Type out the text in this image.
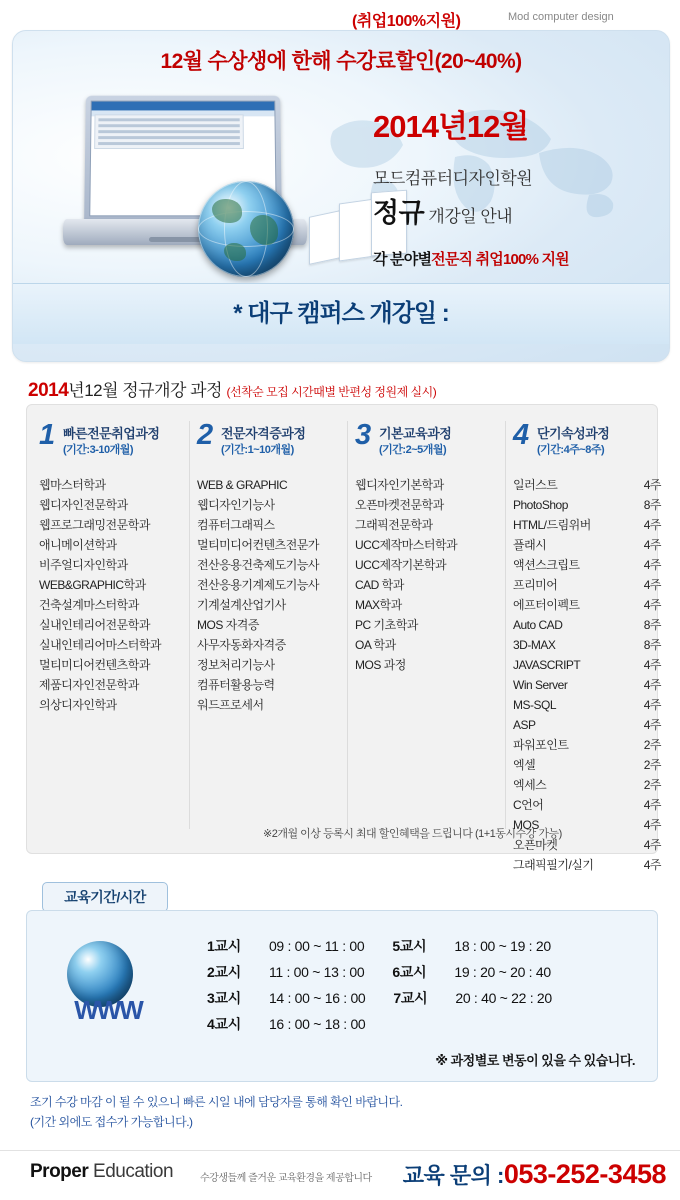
(취업100%지원)	Mod computer design
12월 수상생에 한해 수강료할인(20~40%)
2014년12월
모드컴퓨터디자인학원
정규 개강일 안내
각 분야별전문직 취업100% 지원
* 대구 캠퍼스 개강일 :
2014년12월 정규개강 과정 (선착순 모집 시간때별 반편성 정원제 실시)
1 빠른전문취업과정
(기간:3-10개월)
웹마스터학과
웹디자인전문학과
웹프로그래밍전문학과
애니메이션학과
비주얼디자인학과
WEB&GRAPHIC학과
건축설계마스터학과
실내인테리어전문학과
실내인테리어마스터학과
멀티미디어컨텐츠학과
제품디자인전문학과
의상디자인학과
2 전문자격증과정
(기간:1~10개월)
WEB & GRAPHIC
웹디자인기능사
컴퓨터그래픽스
멀티미디어컨텐츠전문가
전산응용건축제도기능사
전산응용기계제도기능사
기계설계산업기사
MOS 자격증
사무자동화자격증
정보처리기능사
컴퓨터활용능력
워드프로세서
3 기본교육과정
(기간:2~5개월)
웹디자인기본학과
오픈마켓전문학과
그래픽전문학과
UCC제작마스터학과
UCC제작기본학과
CAD 학과
MAX학과
PC 기초학과
OA 학과
MOS 과정
4 단기속성과정
(기간:4주~8주)
4주
일러스트
8주
PhotoShop
4주
HTML/드림위버
4주
플래시
4주
액션스크립트
4주
프리미어
4주
에프터이펙트
8주
Auto CAD
8주
3D-MAX
4주
JAVASCRIPT
4주
Win Server
4주
MS-SQL
4주
ASP
2주
파워포인트
2주
엑셀
2주
엑세스
4주
C언어
4주
MOS
4주
오픈마켓
4주
그래픽필기/실기
※2개월 이상 등록시 최대 할인혜택을 드립니다 (1+1동시수강 가능)
교육기간/시간
WWW
1교시 09 : 00 ~ 11 : 00 5교시 18 : 00 ~ 19 : 20
2교시 11 : 00 ~ 13 : 00 6교시 19 : 20 ~ 20 : 40
3교시 14 : 00 ~ 16 : 00 7교시 20 : 40 ~ 22 : 20
4교시 16 : 00 ~ 18 : 00
※ 과정별로 변동이 있을 수 있습니다.
조기 수강 마감 이 될 수 있으니 빠른 시일 내에 담당자를 통해 확인 바랍니다.
(기간 외에도 접수가 가능합니다.)
Proper Education	수강생들께 즐거운 교육환경을 제공합니다 교육 문의 :053-252-3458
